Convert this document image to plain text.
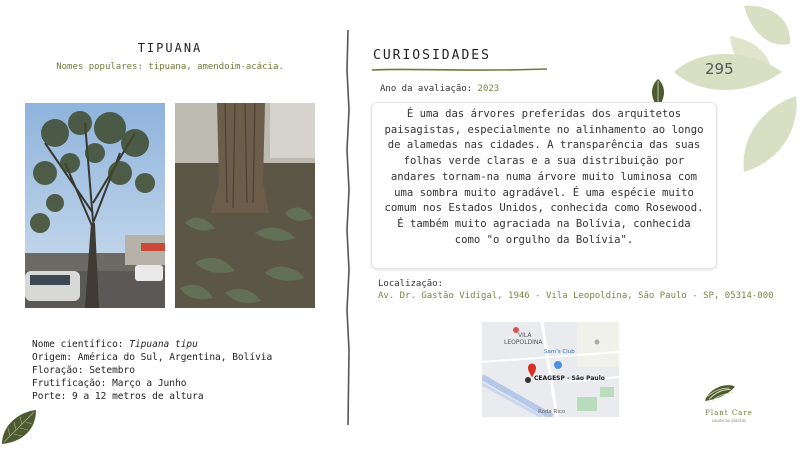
295
TIPUANA
Nomes populares: tipuana, amendoim-acácia.
Nome científico: Tipuana tipu
Origem: América do Sul, Argentina, Bolívia
Floração: Setembro
Frutificação: Março a Junho
Porte: 9 a 12 metros de altura
CURIOSIDADES
Ano da avaliação: 2023

É uma das árvores preferidas dos arquitetos paisagistas, especialmente no alinhamento ao longo de alamedas nas cidades. A transparência das suas folhas verde claras e a sua distribuição por andares tornam-na numa árvore muito luminosa com uma sombra muito agradável. É uma espécie muito comum nos Estados Unidos, conhecida como Rosewood. É também muito agraciada na Bolívia, conhecida como "o orgulho da Bolívia".

Localização:
Av. Dr. Gastão Vidigal, 1946 - Vila Leopoldina, São Paulo - SP, 05314-000
VILA
LEOPOLDINA
Sam's Club
CEAGESP - São Paulo
Roda Rico	Plant Care
saúde ao plantas
